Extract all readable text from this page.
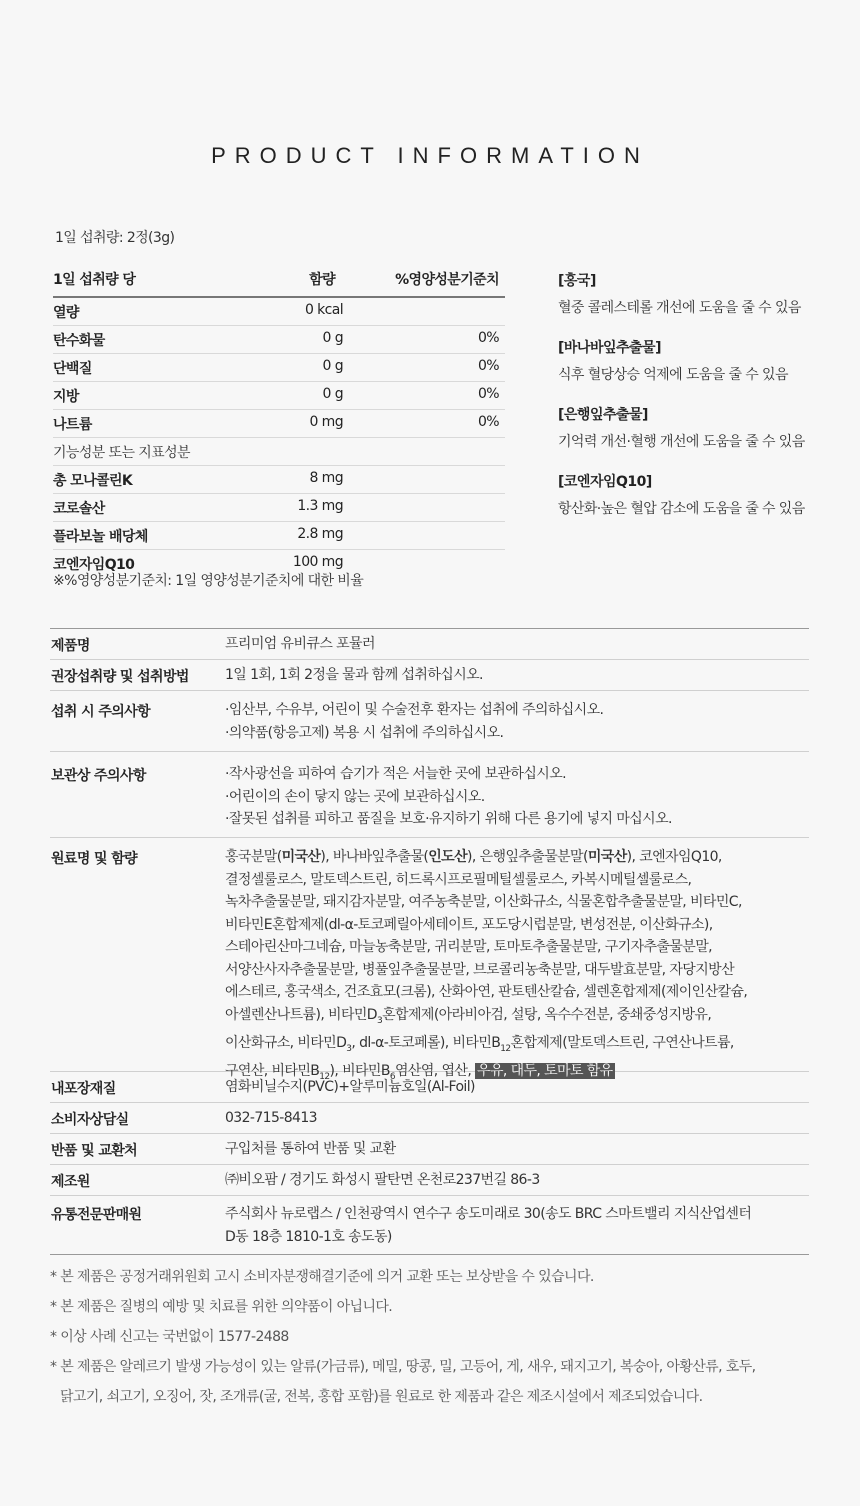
PRODUCT INFORMATION
1일 섭취량: 2정(3g)
1일 섭취량 당	함량	%영양성분기준치
열량	0 kcal
탄수화물	0 g	0%
단백질	0 g	0%
지방	0 g	0%
나트륨	0 mg	0%
기능성분 또는 지표성분
총 모나콜린K	8 mg
코로솔산	1.3 mg
플라보놀 배당체	2.8 mg
코엔자임Q10	100 mg
※%영양성분기준치: 1일 영양성분기준치에 대한 비율
[홍국]
혈중 콜레스테롤 개선에 도움을 줄 수 있음
[바나바잎추출물]
식후 혈당상승 억제에 도움을 줄 수 있음
[은행잎추출물]
기억력 개선·혈행 개선에 도움을 줄 수 있음
[코엔자임Q10]
항산화·높은 혈압 감소에 도움을 줄 수 있음
제품명	프리미엄 유비큐스 포뮬러
권장섭취량 및 섭취방법	1일 1회, 1회 2정을 물과 함께 섭취하십시오.
섭취 시 주의사항	·임산부, 수유부, 어린이 및 수술전후 환자는 섭취에 주의하십시오.
·의약품(항응고제) 복용 시 섭취에 주의하십시오.
보관상 주의사항	·작사광선을 피하여 습기가 적은 서늘한 곳에 보관하십시오.
·어린이의 손이 닿지 않는 곳에 보관하십시오.
·잘못된 섭취를 피하고 품질을 보호·유지하기 위해 다른 용기에 넣지 마십시오.
원료명 및 함량	홍국분말(미국산), 바나바잎추출물(인도산), 은행잎추출물분말(미국산), 코엔자임Q10,
결정셀룰로스, 말토덱스트린, 히드록시프로필메틸셀룰로스, 카복시메틸셀룰로스,
녹차추출물분말, 돼지감자분말, 여주농축분말, 이산화규소, 식물혼합추출물분말, 비타민C,
비타민E혼합제제(dl-α-토코페릴아세테이트, 포도당시럽분말, 변성전분, 이산화규소),
스테아린산마그네슘, 마늘농축분말, 귀리분말, 토마토추출물분말, 구기자추출물분말,
서양산사자추출물분말, 병풀잎추출물분말, 브로콜리농축분말, 대두발효분말, 자당지방산
에스테르, 홍국색소, 건조효모(크롬), 산화아연, 판토텐산칼슘, 셀렌혼합제제(제이인산칼슘,
아셀렌산나트륨), 비타민$D_3$혼합제제(아라비아검, 설탕, 옥수수전분, 중쇄중성지방유,
이산화규소, 비타민$D_3$, dl-α-토코페롤), 비타민$B_{12}$혼합제제(말토덱스트린, 구연산나트륨,
구연산, 비타민$B_{12}$), 비타민$B_6$염산염, 엽산, 우유, 대두, 토마토 함유
내포장재질	염화비닐수지(PVC)+알루미늄호일(Al-Foil)
소비자상담실	032-715-8413
반품 및 교환처	구입처를 통하여 반품 및 교환
제조원	㈜비오팜 / 경기도 화성시 팔탄면 온천로237번길 86-3
유통전문판매원	주식회사 뉴로랩스 / 인천광역시 연수구 송도미래로 30(송도 BRC 스마트밸리 지식산업센터
D동 18층 1810-1호 송도동)
* 본 제품은 공정거래위원회 고시 소비자분쟁해결기준에 의거 교환 또는 보상받을 수 있습니다.
* 본 제품은 질병의 예방 및 치료를 위한 의약품이 아닙니다.
* 이상 사례 신고는 국번없이 1577-2488
* 본 제품은 알레르기 발생 가능성이 있는 알류(가금류), 메밀, 땅콩, 밀, 고등어, 게, 새우, 돼지고기, 복숭아, 아황산류, 호두,
닭고기, 쇠고기, 오징어, 잣, 조개류(굴, 전복, 홍합 포함)를 원료로 한 제품과 같은 제조시설에서 제조되었습니다.
